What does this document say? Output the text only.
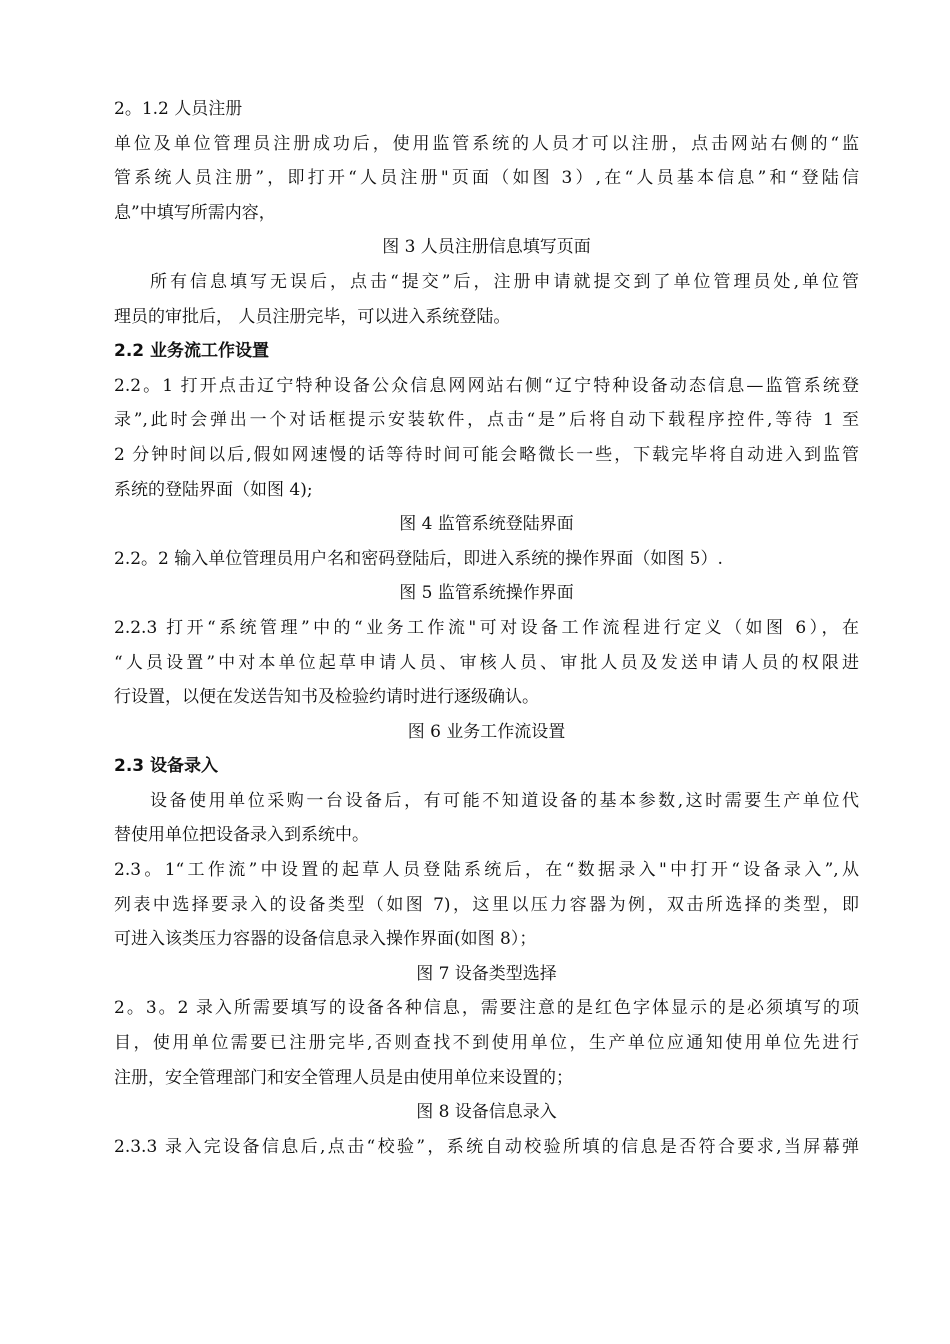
2。1.2 人员注册
单位及单位管理员注册成功后，使用监管系统的人员才可以注册，点击网站右侧的“监
管系统人员注册”，即打开“人员注册"页面（如图 3）,在“人员基本信息”和“登陆信
息”中填写所需内容，
图 3 人员注册信息填写页面
所有信息填写无误后，点击“提交”后，注册申请就提交到了单位管理员处,单位管
理员的审批后， 人员注册完毕，可以进入系统登陆。
2.2 业务流工作设置
2.2。1 打开点击辽宁特种设备公众信息网网站右侧“辽宁特种设备动态信息—监管系统登
录”,此时会弹出一个对话框提示安装软件，点击“是”后将自动下载程序控件,等待 1 至
2 分钟时间以后,假如网速慢的话等待时间可能会略微长一些，下载完毕将自动进入到监管
系统的登陆界面（如图 4);
图 4 监管系统登陆界面
2.2。2 输入单位管理员用户名和密码登陆后，即进入系统的操作界面（如图 5）.
图 5 监管系统操作界面
2.2.3 打开“系统管理”中的“业务工作流"可对设备工作流程进行定义（如图 6），在
“人员设置”中对本单位起草申请人员、审核人员、审批人员及发送申请人员的权限进
行设置，以便在发送告知书及检验约请时进行逐级确认。
图 6 业务工作流设置
2.3 设备录入
设备使用单位采购一台设备后，有可能不知道设备的基本参数,这时需要生产单位代
替使用单位把设备录入到系统中。
2.3。1“工作流”中设置的起草人员登陆系统后，在“数据录入"中打开“设备录入”,从
列表中选择要录入的设备类型（如图 7)，这里以压力容器为例，双击所选择的类型，即
可进入该类压力容器的设备信息录入操作界面(如图 8）；
图 7 设备类型选择
2。3。2 录入所需要填写的设备各种信息，需要注意的是红色字体显示的是必须填写的项
目，使用单位需要已注册完毕,否则查找不到使用单位，生产单位应通知使用单位先进行
注册，安全管理部门和安全管理人员是由使用单位来设置的；
图 8 设备信息录入
2.3.3 录入完设备信息后,点击“校验”，系统自动校验所填的信息是否符合要求,当屏幕弹
